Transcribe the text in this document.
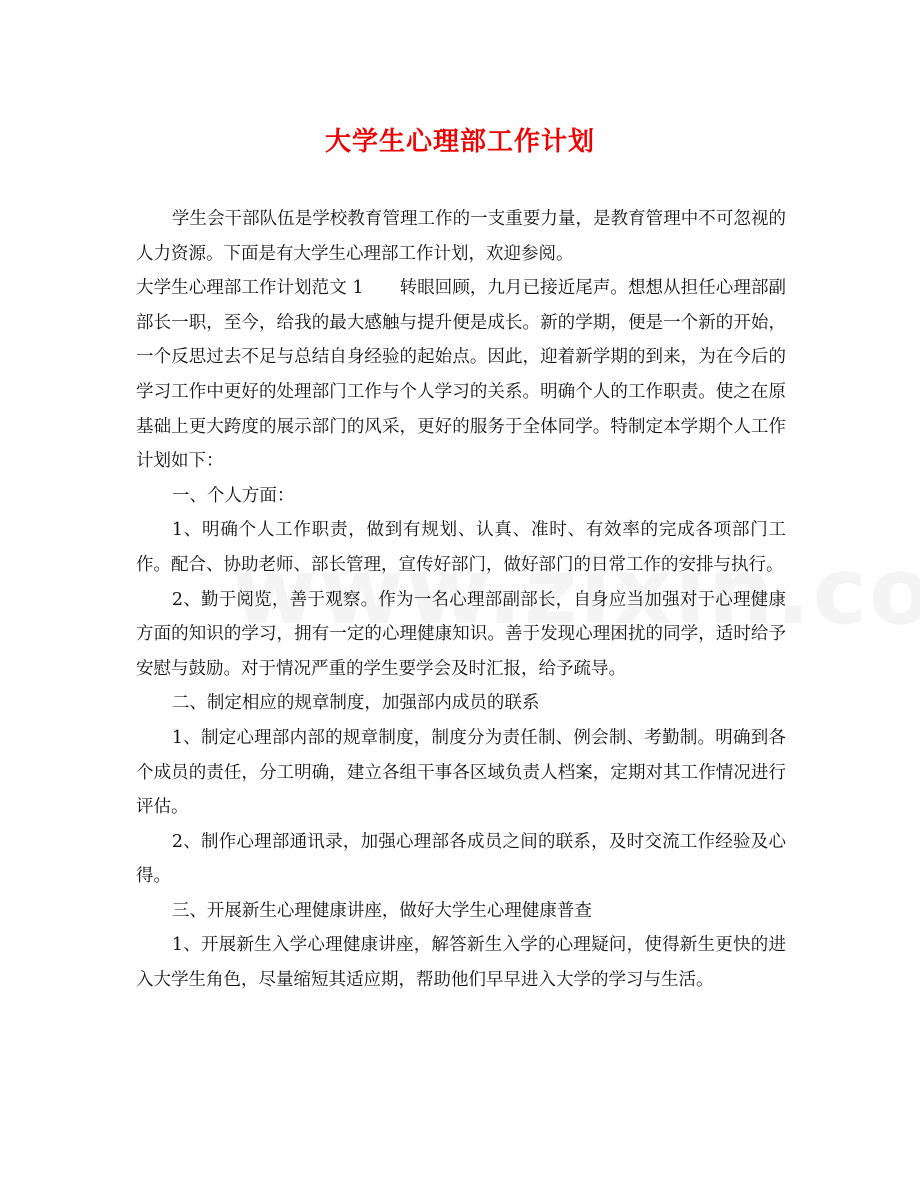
大学生心理部工作计划

学生会干部队伍是学校教育管理工作的一支重要力量，是教育管理中不可忽视的人力资源。下面是有大学生心理部工作计划，欢迎参阅。

大学生心理部工作计划范文 1 转眼回顾，九月已接近尾声。想想从担任心理部副部长一职，至今，给我的最大感触与提升便是成长。新的学期，便是一个新的开始，一个反思过去不足与总结自身经验的起始点。因此，迎着新学期的到来，为在今后的学习工作中更好的处理部门工作与个人学习的关系。明确个人的工作职责。使之在原基础上更大跨度的展示部门的风采，更好的服务于全体同学。特制定本学期个人工作计划如下：

一、个人方面：

1、明确个人工作职责，做到有规划、认真、准时、有效率的完成各项部门工作。配合、协助老师、部长管理，宣传好部门，做好部门的日常工作的安排与执行。

2、勤于阅览，善于观察。作为一名心理部副部长，自身应当加强对于心理健康方面的知识的学习，拥有一定的心理健康知识。善于发现心理困扰的同学，适时给予安慰与鼓励。对于情况严重的学生要学会及时汇报，给予疏导。

二、制定相应的规章制度，加强部内成员的联系

1、制定心理部内部的规章制度，制度分为责任制、例会制、考勤制。明确到各个成员的责任，分工明确，建立各组干事各区域负责人档案，定期对其工作情况进行评估。

2、制作心理部通讯录，加强心理部各成员之间的联系，及时交流工作经验及心得。

三、开展新生心理健康讲座，做好大学生心理健康普查

1、开展新生入学心理健康讲座，解答新生入学的心理疑问，使得新生更快的进入大学生角色，尽量缩短其适应期，帮助他们早早进入大学的学习与生活。
